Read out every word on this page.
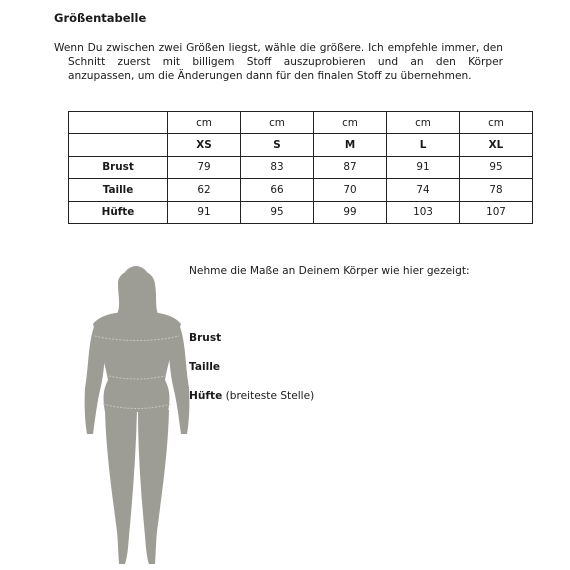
Größentabelle
Wenn Du zwischen zwei Größen liegst, wähle die größere. Ich empfehle immer, den
Schnitt zuerst mit billigem Stoff auszuprobieren und an den Körper
anzupassen, um die Änderungen dann für den finalen Stoff zu übernehmen.
	cm	cm	cm	cm	cm
	XS	S	M	L	XL
Brust	79	83	87	91	95
Taille	62	66	70	74	78
Hüfte	91	95	99	103	107
Nehme die Maße an Deinem Körper wie hier gezeigt:
Brust
Taille
Hüfte (breiteste Stelle)
